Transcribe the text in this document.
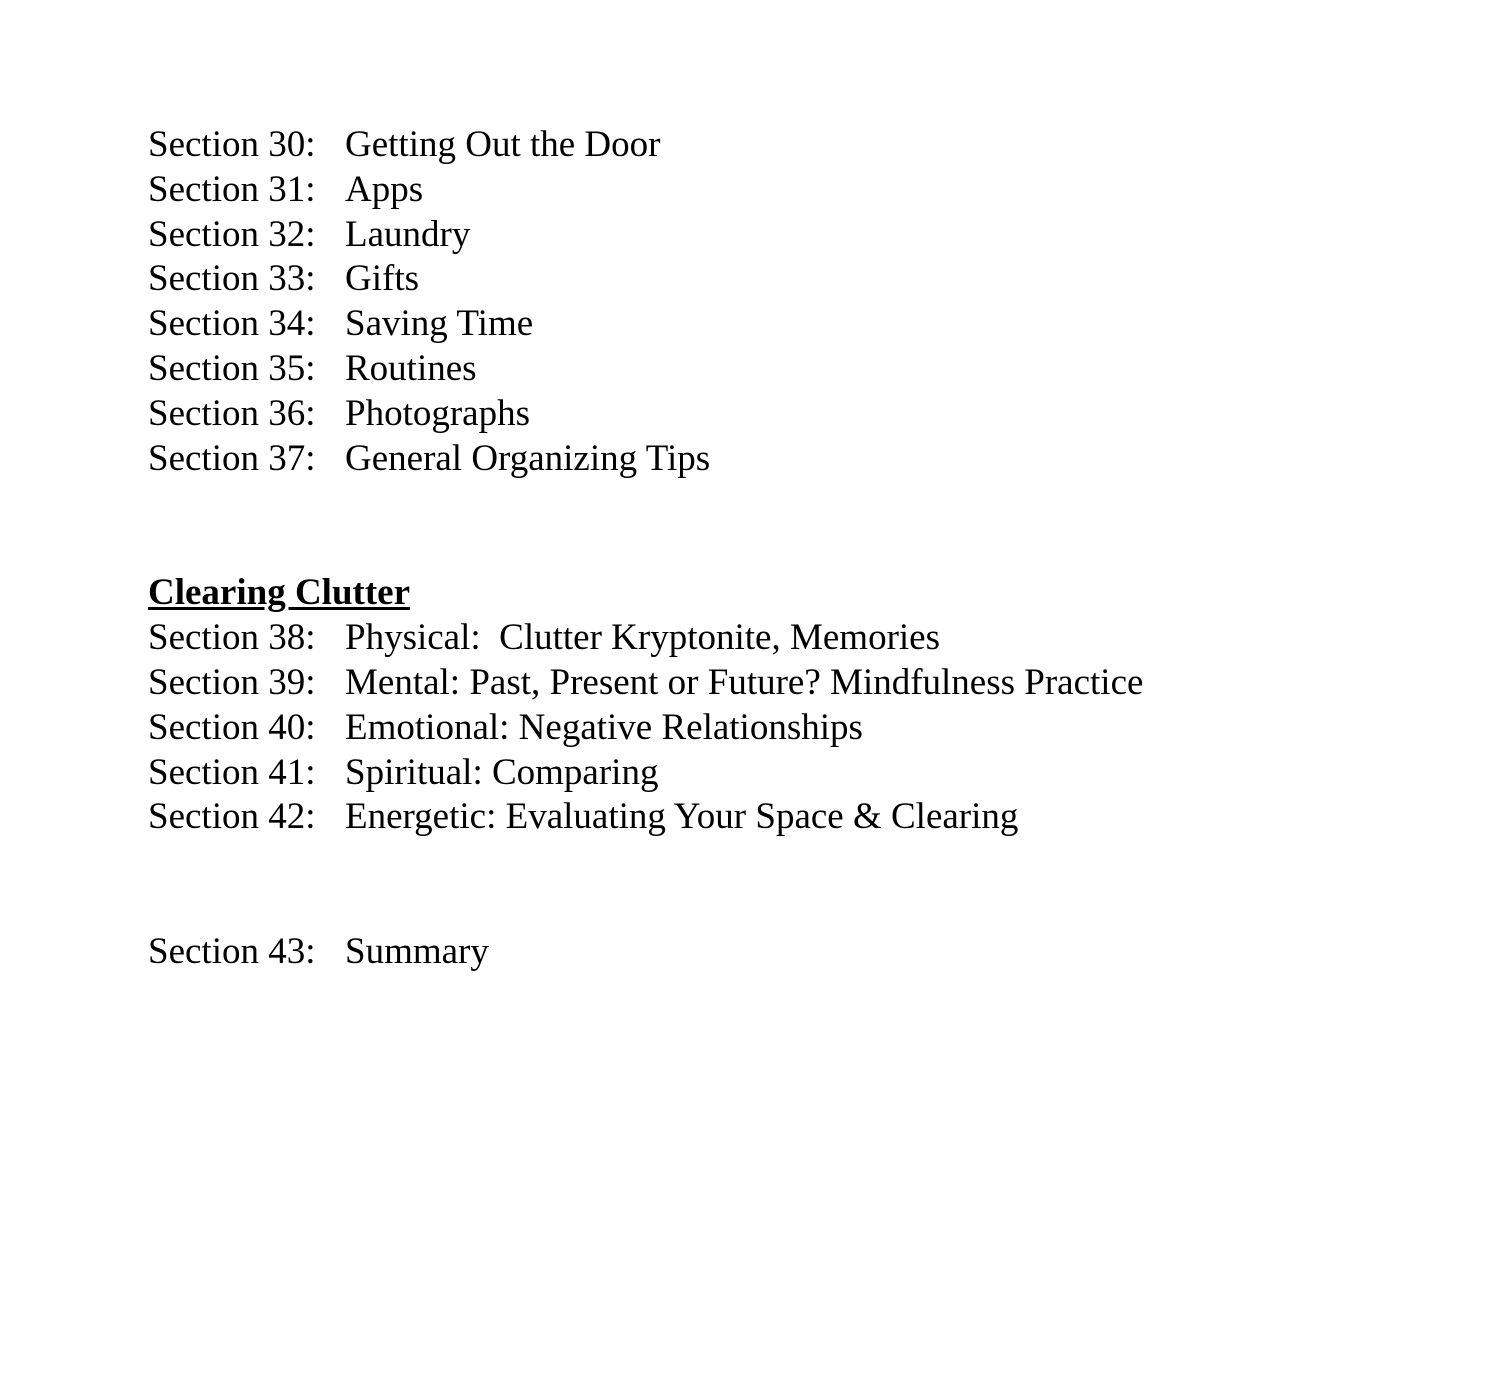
Section 30: Getting Out the Door
Section 31: Apps
Section 32: Laundry
Section 33: Gifts
Section 34: Saving Time
Section 35: Routines
Section 36: Photographs
Section 37: General Organizing Tips
Clearing Clutter
Section 38: Physical:  Clutter Kryptonite, Memories
Section 39: Mental: Past, Present or Future? Mindfulness Practice
Section 40: Emotional: Negative Relationships
Section 41: Spiritual: Comparing
Section 42: Energetic: Evaluating Your Space & Clearing
Section 43: Summary
